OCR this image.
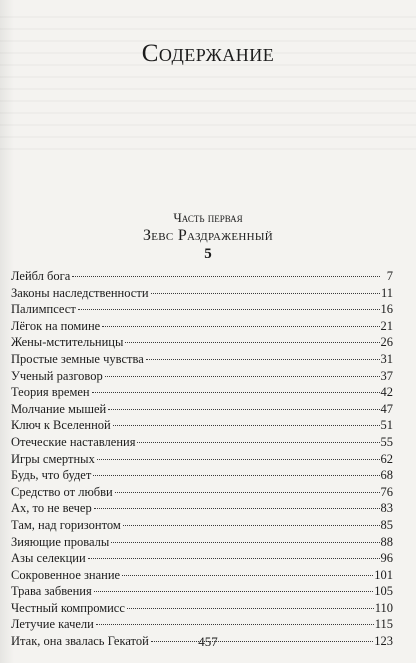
Содержание
Часть первая
Зевс Раздраженный
5
Лейбл бога	7
Законы наследственности	11
Палимпсест	16
Лёгок на помине	21
Жены-мстительницы	26
Простые земные чувства	31
Ученый разговор	37
Теория времен	42
Молчание мышей	47
Ключ к Вселенной	51
Отеческие наставления	55
Игры смертных	62
Будь, что будет	68
Средство от любви	76
Ах, то не вечер	83
Там, над горизонтом	85
Зияющие провалы	88
Азы селекции	96
Сокровенное знание	101
Трава забвения	105
Честный компромисс	110
Летучие качели	115
Итак, она звалась Гекатой	123
457
